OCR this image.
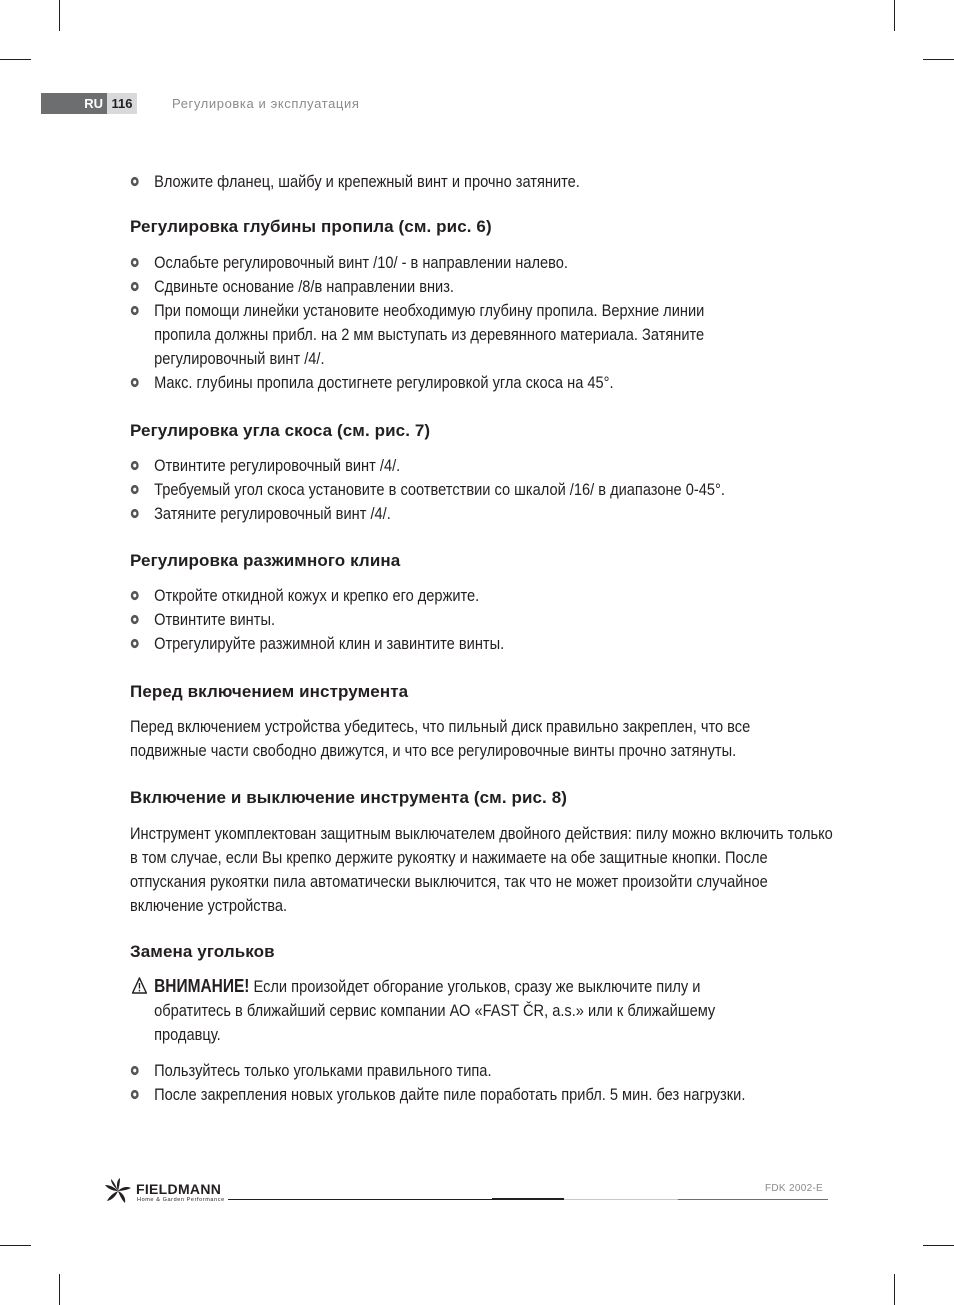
RU 116	Регулировка и эксплуатация
Вложите фланец, шайбу и крепежный винт и прочно затяните.
Регулировка глубины пропила (см. рис. 6)
Ослабьте регулировочный винт /10/ - в направлении налево.
Сдвиньте основание /8/в направлении вниз.
При помощи линейки установите необходимую глубину пропила. Верхние линии пропила должны прибл. на 2 мм выступать из деревянного материала. Затяните регулировочный винт /4/.
Макс. глубины пропила достигнете регулировкой угла скоса на 45°.
Регулировка угла скоса (см. рис. 7)
Отвинтите регулировочный винт /4/.
Требуемый угол скоса установите в соответствии со шкалой /16/ в диапазоне 0-45°.
Затяните регулировочный винт /4/.
Регулировка разжимного клина
Откройте откидной кожух и крепко его держите.
Отвинтите винты.
Отрегулируйте разжимной клин и завинтите винты.
Перед включением инструмента

Перед включением устройства убедитесь, что пильный диск правильно закреплен, что все подвижные части свободно движутся, и что все регулировочные винты прочно затянуты.

Включение и выключение инструмента (см. рис. 8)

Инструмент укомплектован защитным выключателем двойного действия: пилу можно включить только в том случае, если Вы крепко держите рукоятку и нажимаете на обе защитные кнопки. После отпускания рукоятки пила автоматически выключится, так что не может произойти случайное включение устройства.

Замена угольков
ВНИМАНИЕ! Если произойдет обгорание угольков, сразу же выключите пилу и обратитесь в ближайший сервис компании АО «FAST ČR, a.s.» или к ближайшему продавцу.
Пользуйтесь только угольками правильного типа.
После закрепления новых угольков дайте пиле поработать прибл. 5 мин. без нагрузки.
FIELDMANN
Home & Garden Performance
FDK 2002-E
